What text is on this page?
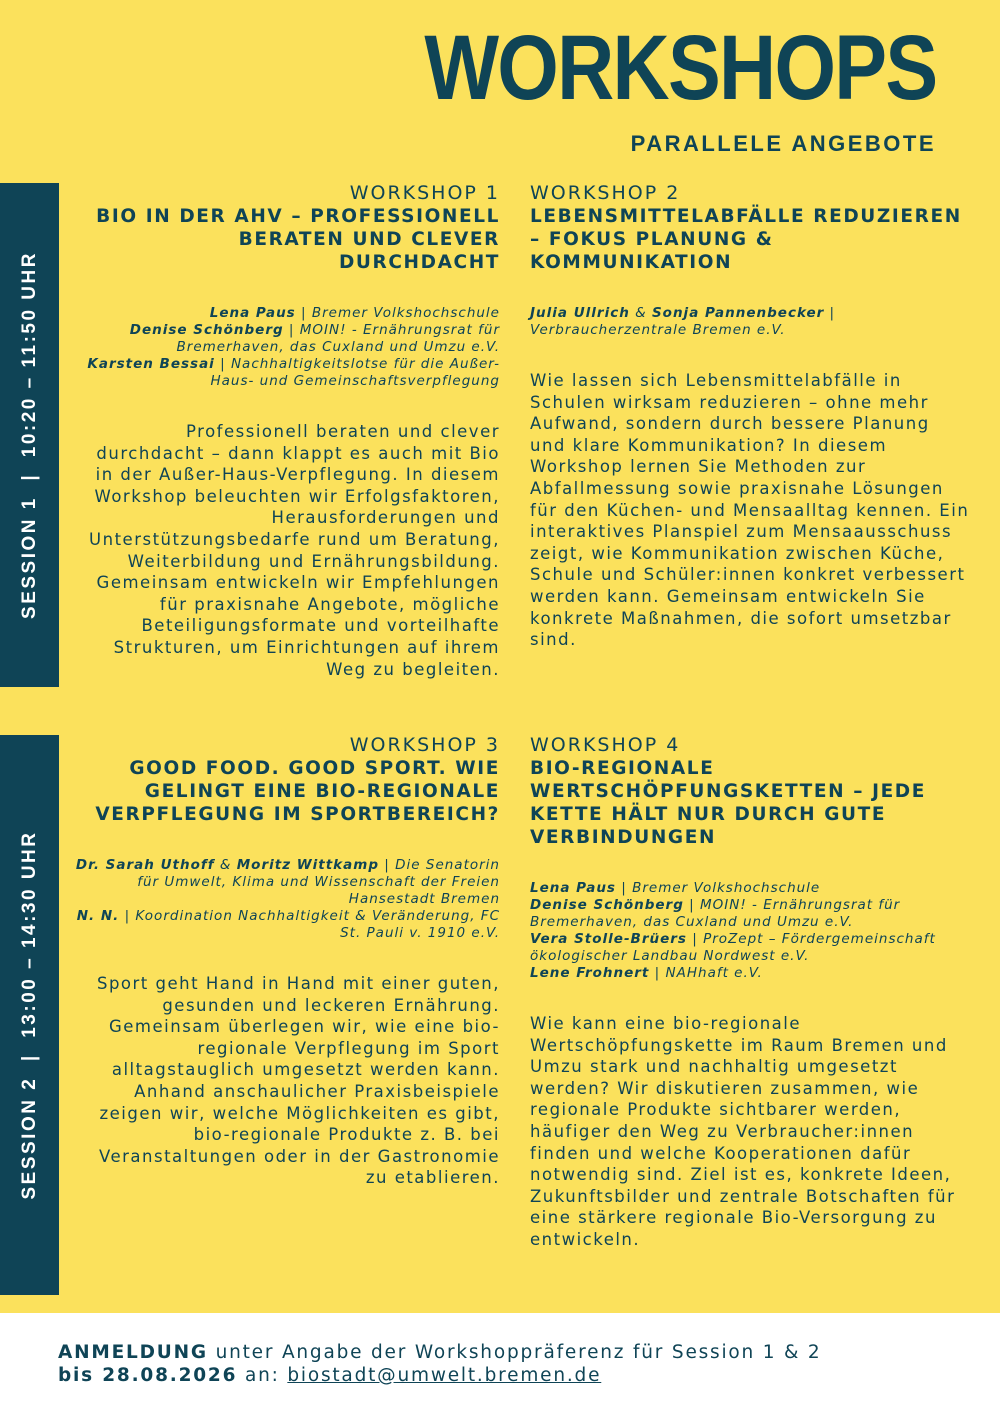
WORKSHOPS
PARALLELE ANGEBOTE
SESSION 1  |  10:20 – 11:50 UHR
SESSION 2  |  13:00 – 14:30 UHR
WORKSHOP 1
BIO IN DER AHV – PROFESSIONELL BERATEN UND CLEVER DURCHDACHT
Lena Paus | Bremer Volkshochschule
Denise Schönberg | MOIN! - Ernährungsrat für Bremerhaven, das Cuxland und Umzu e.V.
Karsten Bessai | Nachhaltigkeitslotse für die Außer-Haus- und Gemeinschaftsverpflegung
Professionell beraten und clever durchdacht – dann klappt es auch mit Bio in der Außer-Haus-Verpflegung. In diesem Workshop beleuchten wir Erfolgsfaktoren, Herausforderungen und Unterstützungsbedarfe rund um Beratung, Weiterbildung und Ernährungsbildung. Gemeinsam entwickeln wir Empfehlungen für praxisnahe Angebote, mögliche Beteiligungsformate und vorteilhafte Strukturen, um Einrichtungen auf ihrem Weg zu begleiten.
WORKSHOP 2
LEBENSMITTELABFÄLLE REDUZIEREN – FOKUS PLANUNG & KOMMUNIKATION
Julia Ullrich & Sonja Pannenbecker | Verbraucherzentrale Bremen e.V.
Wie lassen sich Lebensmittelabfälle in Schulen wirksam reduzieren – ohne mehr Aufwand, sondern durch bessere Planung und klare Kommunikation? In diesem Workshop lernen Sie Methoden zur Abfallmessung sowie praxisnahe Lösungen für den Küchen- und Mensaalltag kennen. Ein interaktives Planspiel zum Mensaausschuss zeigt, wie Kommunikation zwischen Küche, Schule und Schüler:innen konkret verbessert werden kann. Gemeinsam entwickeln Sie konkrete Maßnahmen, die sofort umsetzbar sind.
WORKSHOP 3
GOOD FOOD. GOOD SPORT. WIE GELINGT EINE BIO-REGIONALE VERPFLEGUNG IM SPORTBEREICH?
Dr. Sarah Uthoff & Moritz Wittkamp | Die Senatorin für Umwelt, Klima und Wissenschaft der Freien Hansestadt Bremen
N. N. | Koordination Nachhaltigkeit & Veränderung, FC St. Pauli v. 1910 e.V.
Sport geht Hand in Hand mit einer guten, gesunden und leckeren Ernährung. Gemeinsam überlegen wir, wie eine bio-regionale Verpflegung im Sport alltagstauglich umgesetzt werden kann. Anhand anschaulicher Praxisbeispiele zeigen wir, welche Möglichkeiten es gibt, bio-regionale Produkte z. B. bei Veranstaltungen oder in der Gastronomie zu etablieren.
WORKSHOP 4
BIO-REGIONALE WERTSCHÖPFUNGSKETTEN – JEDE KETTE HÄLT NUR DURCH GUTE VERBINDUNGEN
Lena Paus | Bremer Volkshochschule
Denise Schönberg | MOIN! - Ernährungsrat für Bremerhaven, das Cuxland und Umzu e.V.
Vera Stolle-Brüers | ProZept – Fördergemeinschaft ökologischer Landbau Nordwest e.V.
Lene Frohnert | NAHhaft e.V.
Wie kann eine bio-regionale Wertschöpfungskette im Raum Bremen und Umzu stark und nachhaltig umgesetzt werden? Wir diskutieren zusammen, wie regionale Produkte sichtbarer werden, häufiger den Weg zu Verbraucher:innen finden und welche Kooperationen dafür notwendig sind. Ziel ist es, konkrete Ideen, Zukunftsbilder und zentrale Botschaften für eine stärkere regionale Bio-Versorgung zu entwickeln.
ANMELDUNG unter Angabe der Workshoppräferenz für Session 1 & 2
bis 28.08.2026 an: biostadt@umwelt.bremen.de
